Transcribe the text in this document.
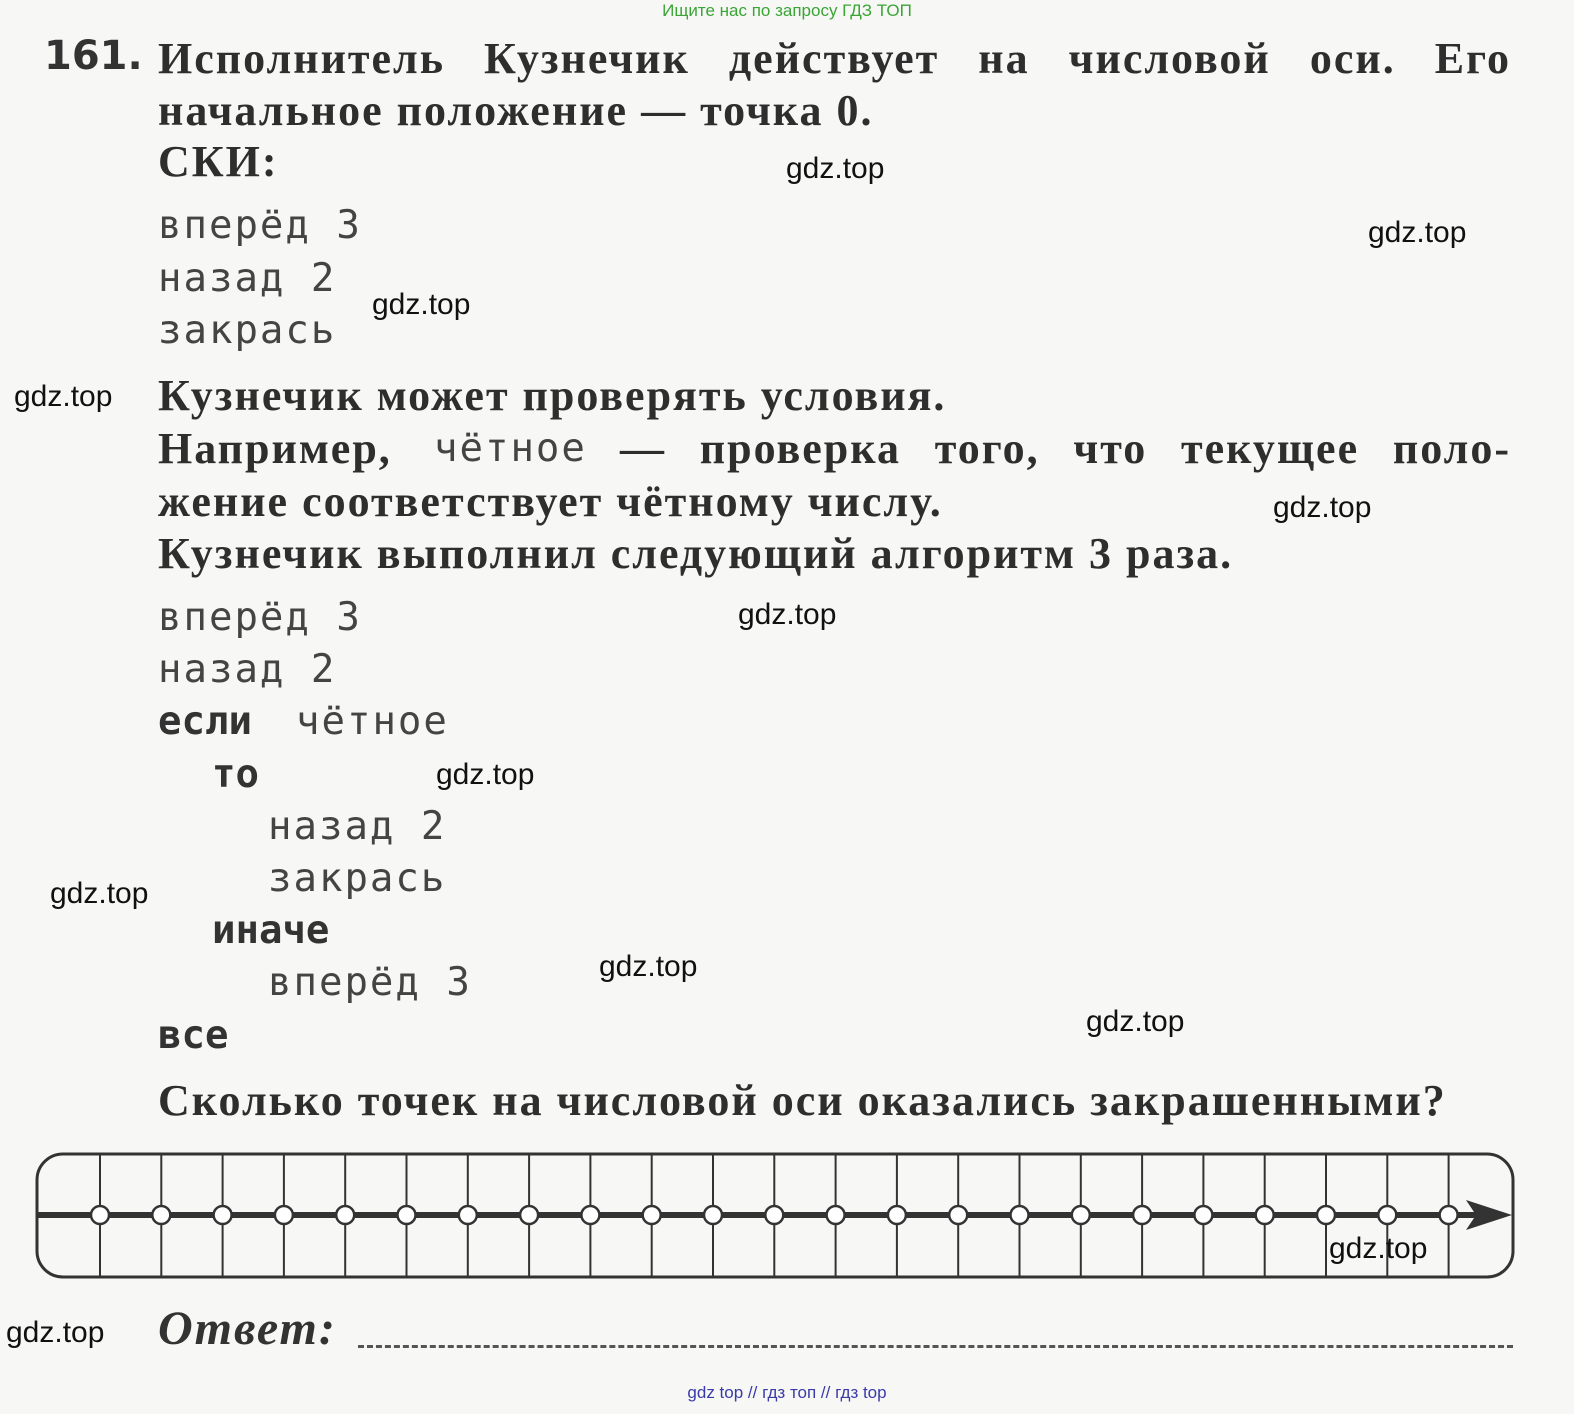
Ищите нас по запросу ГДЗ ТОП
161. Исполнитель Кузнечик действует на числовой оси. Его
начальное положение — точка 0.
СКИ:
вперёд 3
назад 2
закрась
Кузнечик может проверять условия.
Например, чётное — проверка того, что текущее поло-
жение соответствует чётному числу.
Кузнечик выполнил следующий алгоритм 3 раза.
вперёд 3
назад 2
если чётное
то
назад 2
закрась
иначе
вперёд 3
все
Сколько точек на числовой оси оказались закрашенными?
Ответ:
gdz.top
gdz.top
gdz.top
gdz.top
gdz.top
gdz.top
gdz.top
gdz.top
gdz.top
gdz.top
gdz.top
gdz.top
gdz top // гдз топ // гдз top
